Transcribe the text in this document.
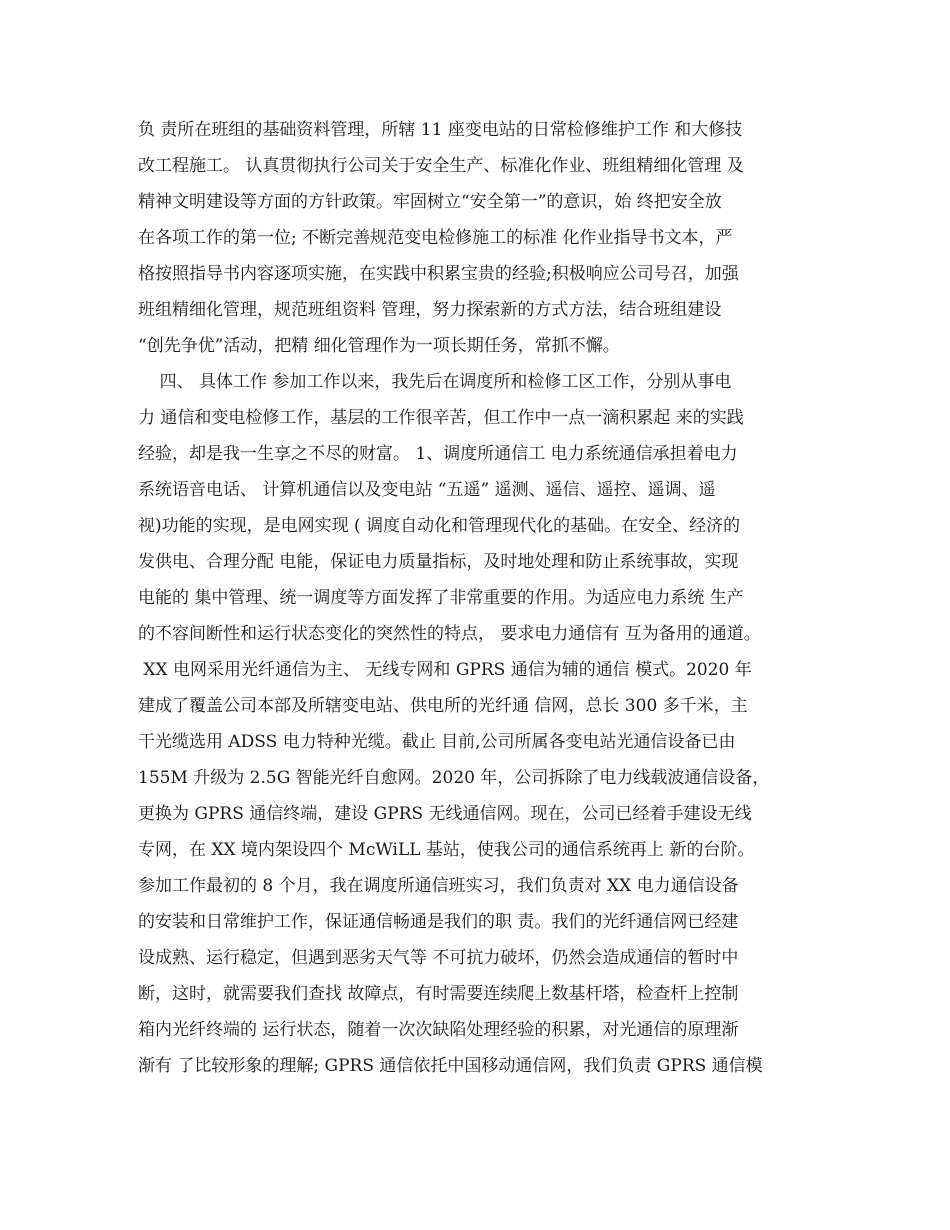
负 责所在班组的基础资料管理，所辖 11 座变电站的日常检修维护工作 和大修技
改工程施工。 认真贯彻执行公司关于安全生产、标准化作业、班组精细化管理 及
精神文明建设等方面的方针政策。牢固树立“安全第一”的意识，始 终把安全放
在各项工作的第一位; 不断完善规范变电检修施工的标准 化作业指导书文本，严
格按照指导书内容逐项实施，在实践中积累宝贵的经验;积极响应公司号召，加强
班组精细化管理，规范班组资料 管理，努力探索新的方式方法，结合班组建设
“创先争优”活动，把精 细化管理作为一项长期任务，常抓不懈。
四、 具体工作 参加工作以来，我先后在调度所和检修工区工作，分别从事电
力 通信和变电检修工作，基层的工作很辛苦，但工作中一点一滴积累起 来的实践
经验，却是我一生享之不尽的财富。 1、调度所通信工 电力系统通信承担着电力
系统语音电话、 计算机通信以及变电站 “五遥” 遥测、遥信、遥控、遥调、遥
视)功能的实现，是电网实现 ( 调度自动化和管理现代化的基础。在安全、经济的
发供电、合理分配 电能，保证电力质量指标，及时地处理和防止系统事故，实现
电能的 集中管理、统一调度等方面发挥了非常重要的作用。为适应电力系统 生产
的不容间断性和运行状态变化的突然性的特点， 要求电力通信有 互为备用的通道。
XX 电网采用光纤通信为主、 无线专网和 GPRS 通信为辅的通信 模式。2020 年
建成了覆盖公司本部及所辖变电站、供电所的光纤通 信网，总长 300 多千米，主
干光缆选用 ADSS 电力特种光缆。截止 目前,公司所属各变电站光通信设备已由
155M 升级为 2.5G 智能光纤自愈网。2020 年，公司拆除了电力线载波通信设备，
更换为 GPRS 通信终端，建设 GPRS 无线通信网。现在，公司已经着手建设无线
专网，在 XX 境内架设四个 McWiLL 基站，使我公司的通信系统再上 新的台阶。
参加工作最初的 8 个月，我在调度所通信班实习，我们负责对 XX 电力通信设备
的安装和日常维护工作，保证通信畅通是我们的职 责。我们的光纤通信网已经建
设成熟、运行稳定，但遇到恶劣天气等 不可抗力破坏，仍然会造成通信的暂时中
断，这时，就需要我们查找 故障点，有时需要连续爬上数基杆塔，检查杆上控制
箱内光纤终端的 运行状态，随着一次次缺陷处理经验的积累，对光通信的原理渐
渐有 了比较形象的理解; GPRS 通信依托中国移动通信网，我们负责 GPRS 通信模
